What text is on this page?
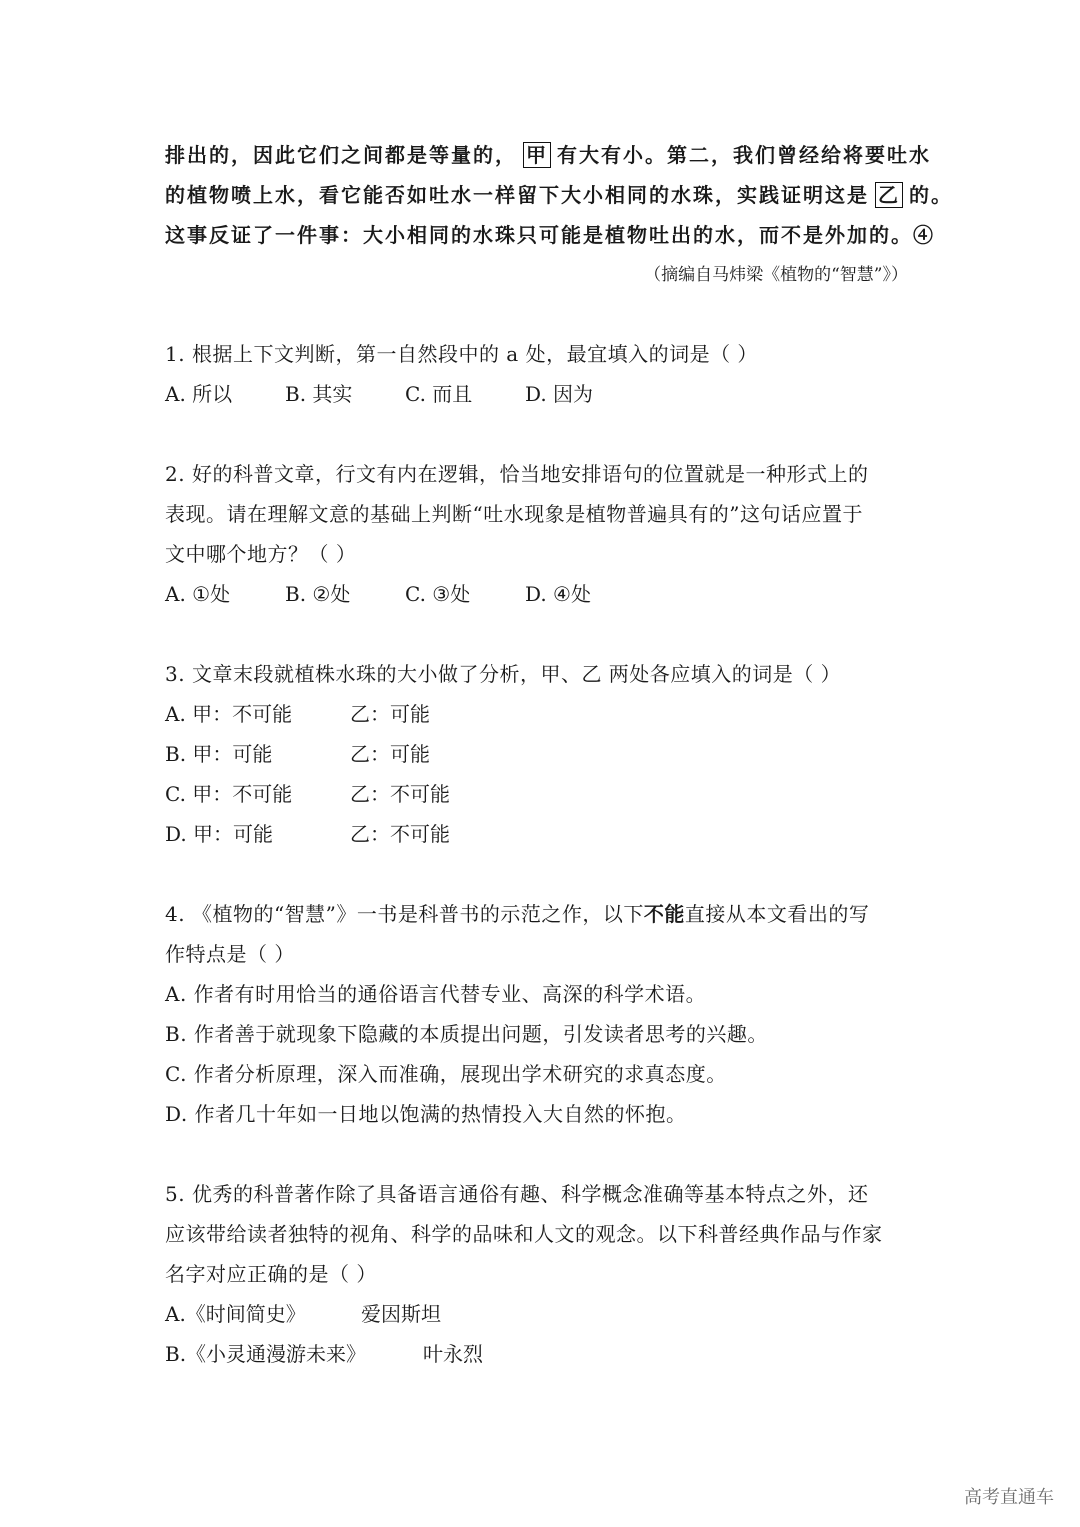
排出的，因此它们之间都是等量的， 甲 有大有小。第二，我们曾经给将要吐水
的植物喷上水，看它能否如吐水一样留下大小相同的水珠，实践证明这是 乙 的。
这事反证了一件事：大小相同的水珠只可能是植物吐出的水，而不是外加的。④
（摘编自马炜梁《植物的“智慧”》）
1. 根据上下文判断，第一自然段中的 a 处，最宜填入的词是（ ）
A. 所以	B. 其实	C. 而且	D. 因为
2. 好的科普文章，行文有内在逻辑，恰当地安排语句的位置就是一种形式上的
表现。请在理解文意的基础上判断“吐水现象是植物普遍具有的”这句话应置于
文中哪个地方？（ ）
A. ①处	B. ②处	C. ③处	D. ④处
3. 文章末段就植株水珠的大小做了分析，甲、乙 两处各应填入的词是（ ）
A. 甲：不可能	乙：可能
B. 甲：可能	乙：可能
C. 甲：不可能	乙：不可能
D. 甲：可能	乙：不可能
4. 《植物的“智慧”》一书是科普书的示范之作，以下不能直接从本文看出的写
作特点是（ ）
A. 作者有时用恰当的通俗语言代替专业、高深的科学术语。
B. 作者善于就现象下隐藏的本质提出问题，引发读者思考的兴趣。
C. 作者分析原理，深入而准确，展现出学术研究的求真态度。
D. 作者几十年如一日地以饱满的热情投入大自然的怀抱。
5. 优秀的科普著作除了具备语言通俗有趣、科学概念准确等基本特点之外，还
应该带给读者独特的视角、科学的品味和人文的观念。以下科普经典作品与作家
名字对应正确的是（ ）
A.《时间简史》	爱因斯坦
B.《小灵通漫游未来》	叶永烈
高考直通车
